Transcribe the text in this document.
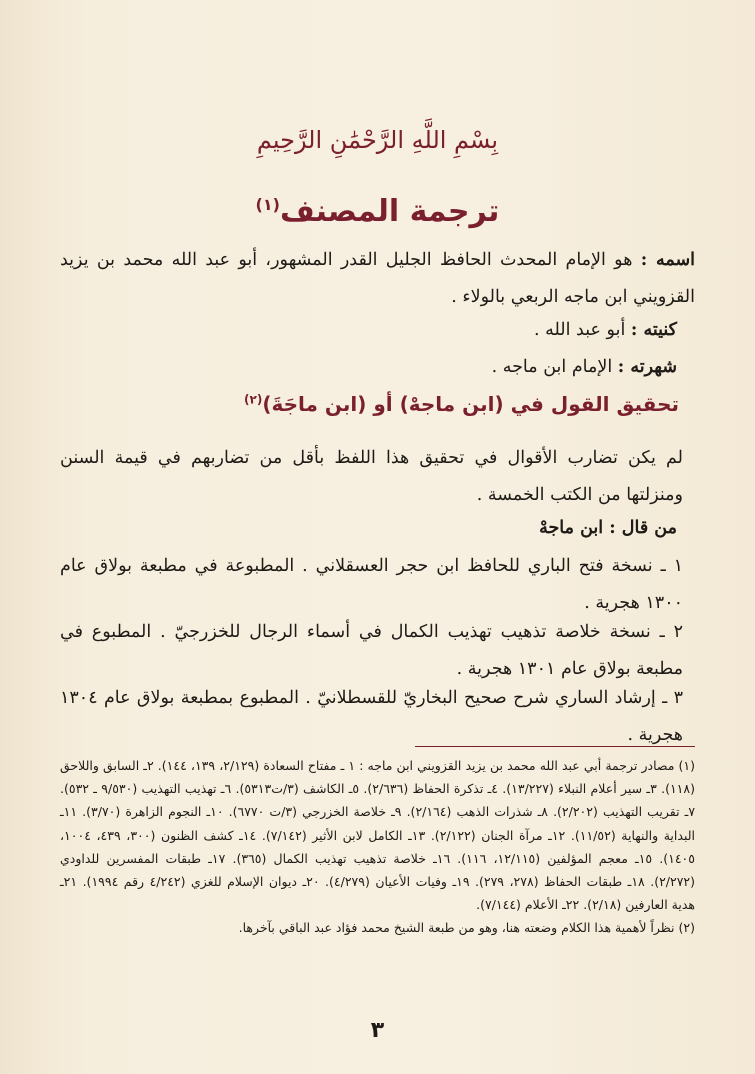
بِسْمِ اللَّهِ الرَّحْمَٰنِ الرَّحِيمِ
ترجمة المصنف$^{(١)}$
اسمه : هو الإمام المحدث الحافظ الجليل القدر المشهور، أبو عبد الله محمد بن يزيد القزويني ابن ماجه الربعي بالولاء .
كنيته : أبو عبد الله .
شهرته : الإمام ابن ماجه .
تحقيق القول في (ابن ماجهْ) أو (ابن ماجَةَ)$^{(٢)}$
لم يكن تضارب الأقوال في تحقيق هذا اللفظ بأقل من تضاربهم في قيمة السنن ومنزلتها من الكتب الخمسة .
من قال : ابن ماجهْ
١ ـ نسخة فتح الباري للحافظ ابن حجر العسقلاني . المطبوعة في مطبعة بولاق عام ١٣٠٠ هجرية .
٢ ـ نسخة خلاصة تذهيب تهذيب الكمال في أسماء الرجال للخزرجيّ . المطبوع في مطبعة بولاق عام ١٣٠١ هجرية .
٣ ـ إرشاد الساري شرح صحيح البخاريّ للقسطلانيّ . المطبوع بمطبعة بولاق عام ١٣٠٤ هجرية .

(١) مصادر ترجمة أبي عبد الله محمد بن يزيد القزويني ابن ماجه : ١ ـ مفتاح السعادة (٢/١٢٩، ١٣٩، ١٤٤). ٢ـ السابق واللاحق (١١٨). ٣ـ سير أعلام النبلاء (١٣/٢٢٧). ٤ـ تذكرة الحفاظ (٢/٦٣٦). ٥ـ الكاشف (٣/ت٥٣١٣). ٦ـ تهذيب التهذيب (٩/٥٣٠ ـ ٥٣٢). ٧ـ تقريب التهذيب (٢/٢٠٢). ٨ـ شذرات الذهب (٢/١٦٤). ٩ـ خلاصة الخزرجي (٣/ت ٦٧٧٠). ١٠ـ النجوم الزاهرة (٣/٧٠). ١١ـ البداية والنهاية (١١/٥٢). ١٢ـ مرآة الجنان (٢/١٢٢). ١٣ـ الكامل لابن الأثير (٧/١٤٢). ١٤ـ كشف الظنون (٣٠٠، ٤٣٩، ١٠٠٤، ١٤٠٥). ١٥ـ معجم المؤلفين (١٢/١١٥، ١١٦). ١٦ـ خلاصة تذهيب تهذيب الكمال (٣٦٥). ١٧ـ طبقات المفسرين للداودي (٢/٢٧٢). ١٨ـ طبقات الحفاظ (٢٧٨، ٢٧٩). ١٩ـ وفيات الأعيان (٤/٢٧٩). ٢٠ـ ديوان الإسلام للغزي (٤/٢٤٢ رقم ١٩٩٤). ٢١ـ هدية العارفين (٢/١٨). ٢٢ـ الأعلام (٧/١٤٤).

(٢) نظراً لأهمية هذا الكلام وضعته هنا، وهو من طبعة الشيخ محمد فؤاد عبد الباقي بآخرها.

٣
